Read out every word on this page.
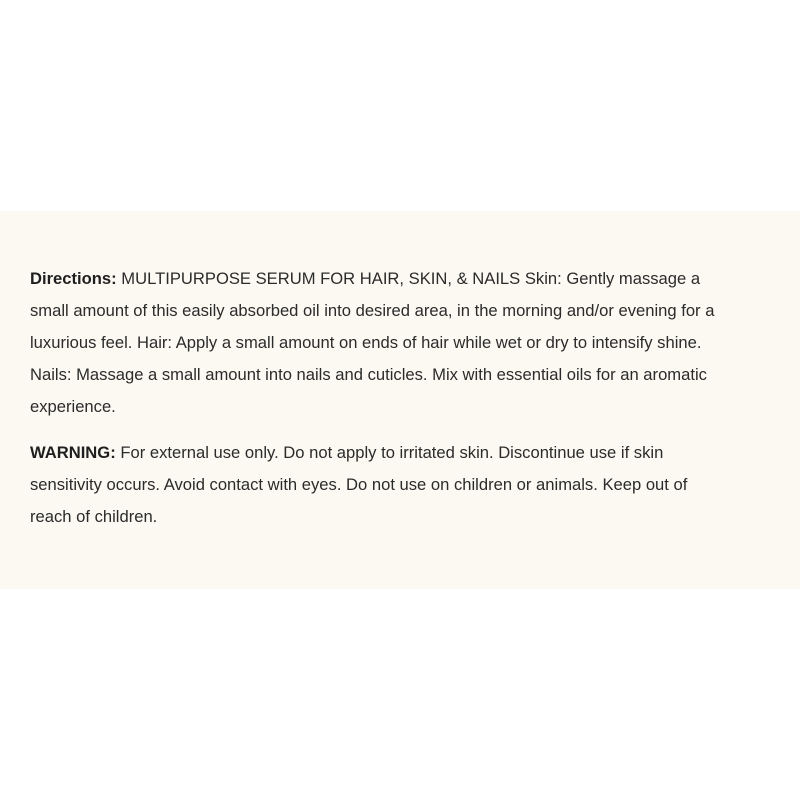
Directions: MULTIPURPOSE SERUM FOR HAIR, SKIN, & NAILS Skin: Gently massage a small amount of this easily absorbed oil into desired area, in the morning and/or evening for a luxurious feel. Hair: Apply a small amount on ends of hair while wet or dry to intensify shine. Nails: Massage a small amount into nails and cuticles. Mix with essential oils for an aromatic experience.

WARNING: For external use only. Do not apply to irritated skin. Discontinue use if skin sensitivity occurs. Avoid contact with eyes. Do not use on children or animals. Keep out of reach of children.
